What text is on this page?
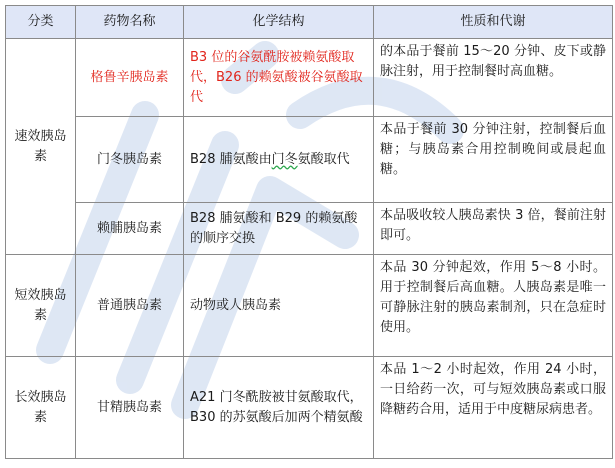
分类	药物名称	化学结构	性质和代谢
速效胰岛素	格鲁辛胰岛素	B3 位的谷氨酰胺被赖氨酸取代，B26 的赖氨酸被谷氨酸取代	的本品于餐前 15～20 分钟、皮下或静脉注射，用于控制餐时高血糖。
	门冬胰岛素	B28 脯氨酸由门冬氨酸取代	本品于餐前 30 分钟注射，控制餐后血糖；与胰岛素合用控制晚间或晨起血糖。
	赖脯胰岛素	B28 脯氨酸和 B29 的赖氨酸的顺序交换	本品吸收较人胰岛素快 3 倍，餐前注射即可。
短效胰岛素	普通胰岛素	动物或人胰岛素	本品 30 分钟起效，作用 5～8 小时。用于控制餐后高血糖。人胰岛素是唯一可静脉注射的胰岛素制剂，只在急症时使用。
长效胰岛素	甘精胰岛素	A21 门冬酰胺被甘氨酸取代，B30 的苏氨酸后加两个精氨酸	本品 1～2 小时起效，作用 24 小时，一日给药一次，可与短效胰岛素或口服降糖药合用，适用于中度糖尿病患者。
